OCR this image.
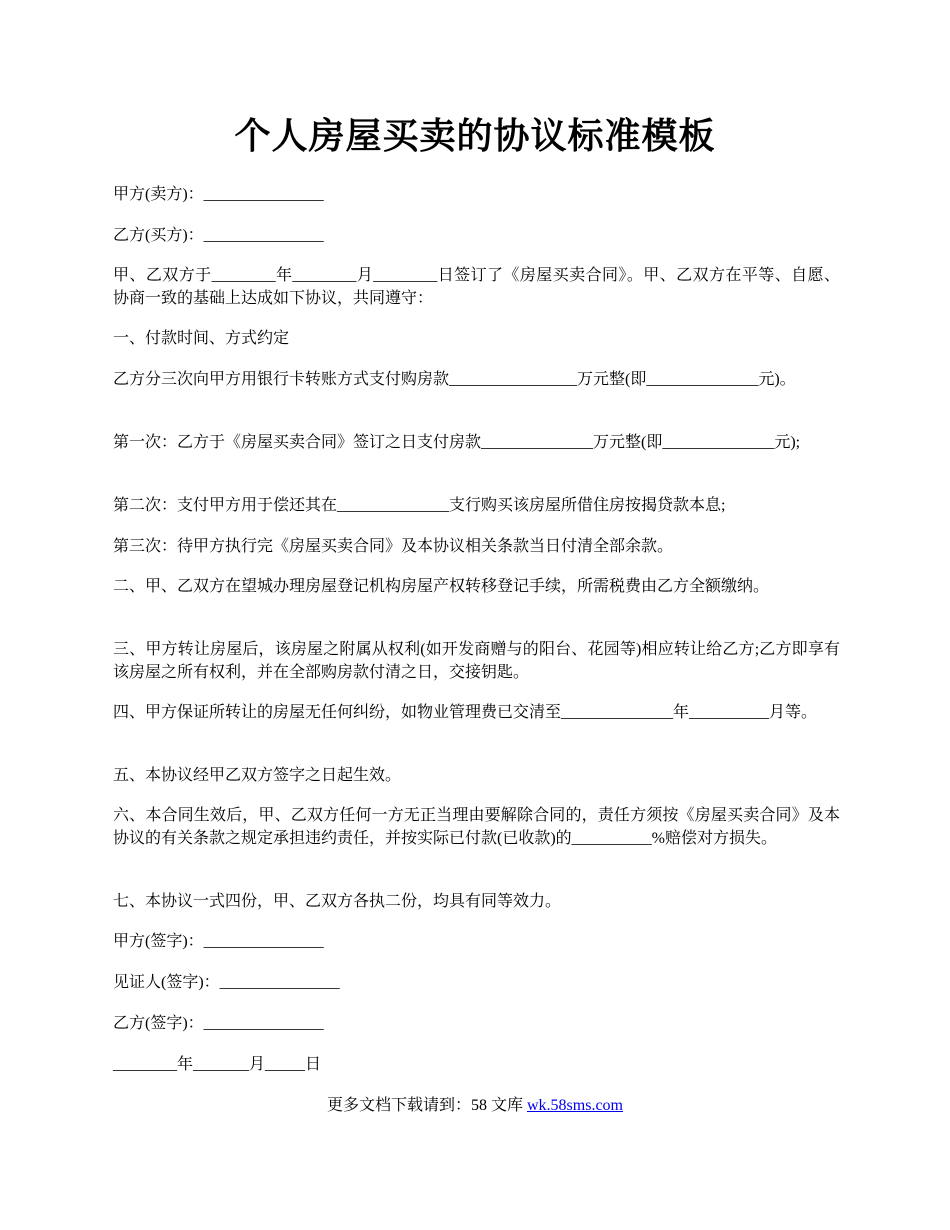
个人房屋买卖的协议标准模板

甲方(卖方)：_______________

乙方(买方)：_______________

甲、乙双方于________年________月________日签订了《房屋买卖合同》。甲、乙双方在平等、自愿、协商一致的基础上达成如下协议，共同遵守：

一、付款时间、方式约定

乙方分三次向甲方用银行卡转账方式支付购房款________________万元整(即______________元)。

第一次：乙方于《房屋买卖合同》签订之日支付房款______________万元整(即______________元);

第二次：支付甲方用于偿还其在______________支行购买该房屋所借住房按揭贷款本息;

第三次：待甲方执行完《房屋买卖合同》及本协议相关条款当日付清全部余款。

二、甲、乙双方在望城办理房屋登记机构房屋产权转移登记手续，所需税费由乙方全额缴纳。

三、甲方转让房屋后，该房屋之附属从权利(如开发商赠与的阳台、花园等)相应转让给乙方;乙方即享有该房屋之所有权利，并在全部购房款付清之日，交接钥匙。

四、甲方保证所转让的房屋无任何纠纷，如物业管理费已交清至______________年__________月等。

五、本协议经甲乙双方签字之日起生效。

六、本合同生效后，甲、乙双方任何一方无正当理由要解除合同的，责任方须按《房屋买卖合同》及本协议的有关条款之规定承担违约责任，并按实际已付款(已收款)的__________%赔偿对方损失。

七、本协议一式四份，甲、乙双方各执二份，均具有同等效力。

甲方(签字)：_______________

见证人(签字)：_______________

乙方(签字)：_______________

________年_______月_____日

更多文档下载请到：58 文库 wk.58sms.com
